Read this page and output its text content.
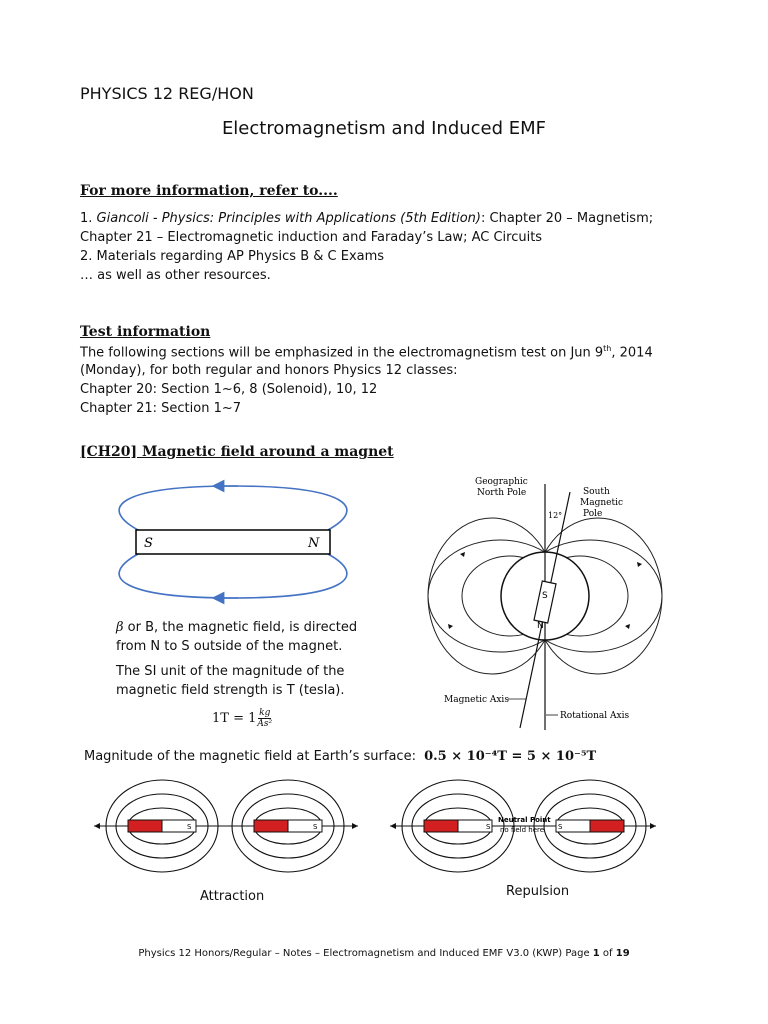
PHYSICS 12 REG/HON
Electromagnetism and Induced EMF
For more information, refer to....
1. Giancoli - Physics: Principles with Applications (5th Edition): Chapter 20 – Magnetism;
Chapter 21 – Electromagnetic induction and Faraday’s Law; AC Circuits
2. Materials regarding AP Physics B & C Exams
… as well as other resources.
Test information
The following sections will be emphasized in the electromagnetism test on Jun 9th, 2014
(Monday), for both regular and honors Physics 12 classes:
Chapter 20: Section 1~6, 8 (Solenoid), 10, 12
Chapter 21: Section 1~7
[CH20] Magnetic field around a magnet
S	N
β or B, the magnetic field, is directed
from N to S outside of the magnet.
The SI unit of the magnitude of the
magnetic field strength is T (tesla).
$1T = 1 \frac{kg}{\text{As²}}$
Magnitude of the magnetic field at Earth’s surface: 0.5 × 10⁻⁴T = 5 × 10⁻⁵T
S
N
Geographic
North Pole	South
Magnetic
Pole
12°
Magnetic Axis
Rotational Axis
S	S
Attraction
S	S
Neutral Point
no field here
Repulsion
Physics 12 Honors/Regular – Notes – Electromagnetism and Induced EMF V3.0 (KWP) Page 1 of 19
